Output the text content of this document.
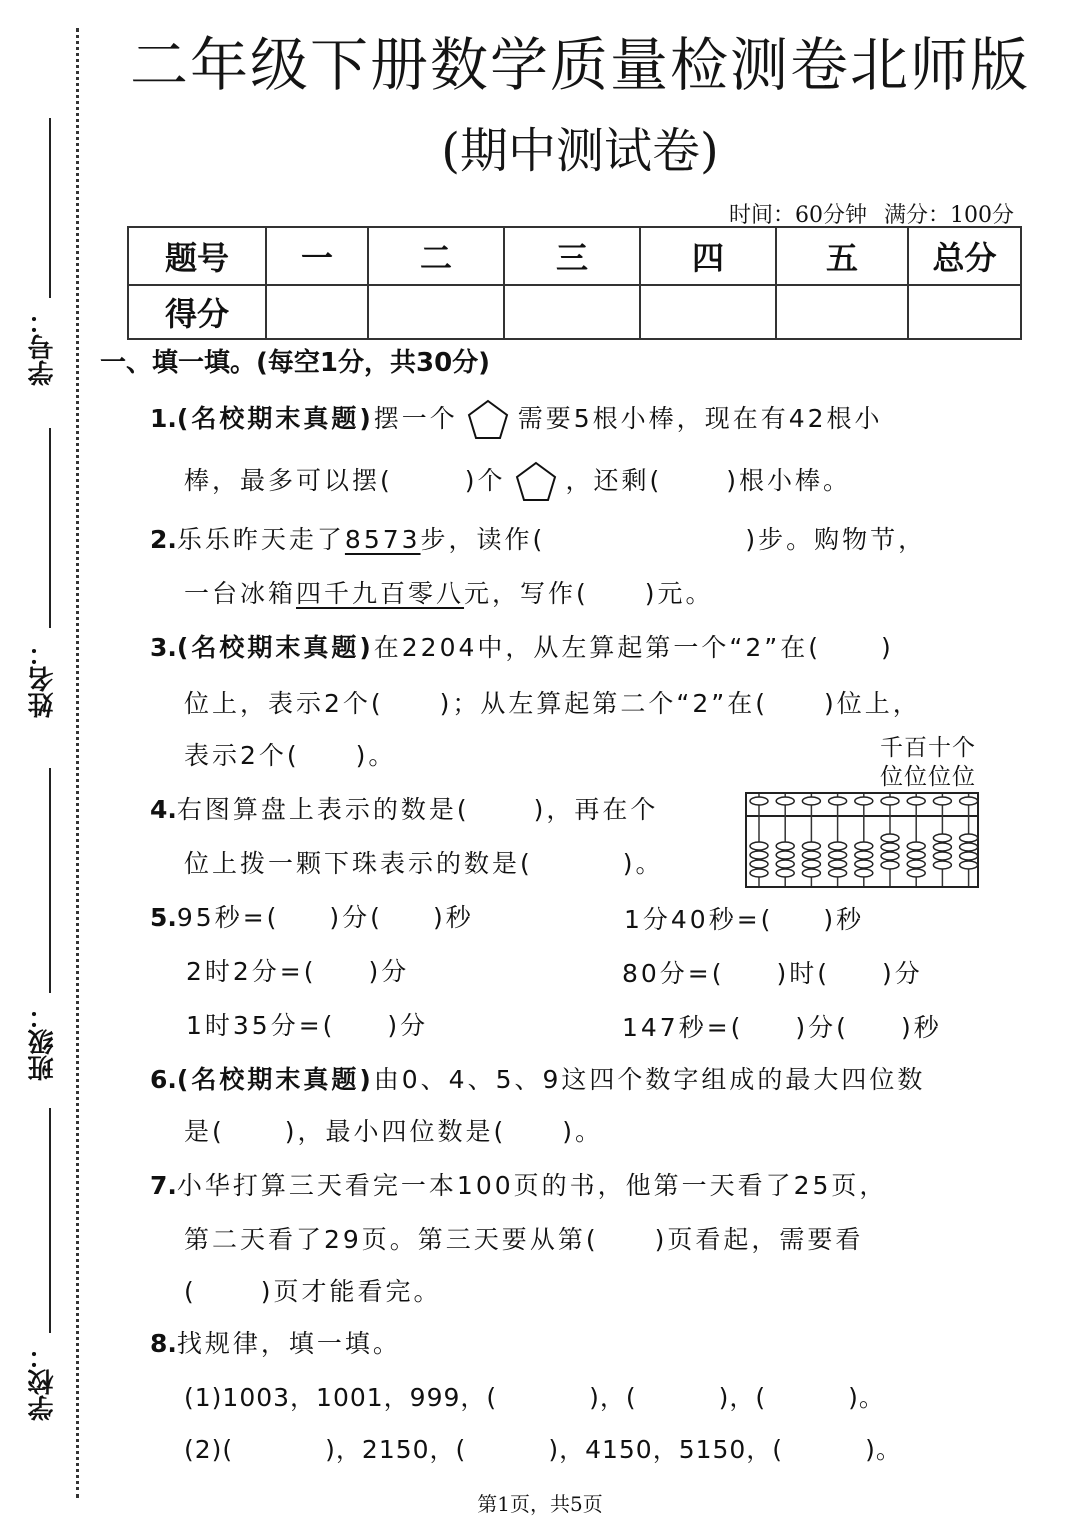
学号：
姓名：
班级：
学校：
二年级下册数学质量检测卷北师版
(期中测试卷)
时间：60分钟 满分：100分
题号	一	二	三	四	五	总分
得分						
一、填一填。(每空1分，共30分)
1.(名校期末真题)摆一个 需要5根小棒，现在有42根小
棒，最多可以摆(	)个 ，还剩(	)根小棒。
2.乐乐昨天走了8573步，读作(	)步。购物节，
一台冰箱四千九百零八元，写作( )元。
3.(名校期末真题)在2204中，从左算起第一个“2”在( )
位上，表示2个( )；从左算起第二个“2”在( )位上，
表示2个( )。
4.右图算盘上表示的数是(	)，再在个
位上拨一颗下珠表示的数是(	)。
千百十个
位位位位
5.95秒=( )分( )秒	1分40秒=( )秒
2时2分=( )分	80分=( )时( )分
1时35分=( )分	147秒=( )分( )秒
6.(名校期末真题)由0、4、5、9这四个数字组成的最大四位数
是( )，最小四位数是( )。
7.小华打算三天看完一本100页的书，他第一天看了25页，
第二天看了29页。第三天要从第( )页看起，需要看
(	)页才能看完。
8.找规律，填一填。
(1)1003，1001，999，(	)，(	)，(	)。
(2)(	)，2150，(	)，4150，5150，(	)。
第1页，共5页
